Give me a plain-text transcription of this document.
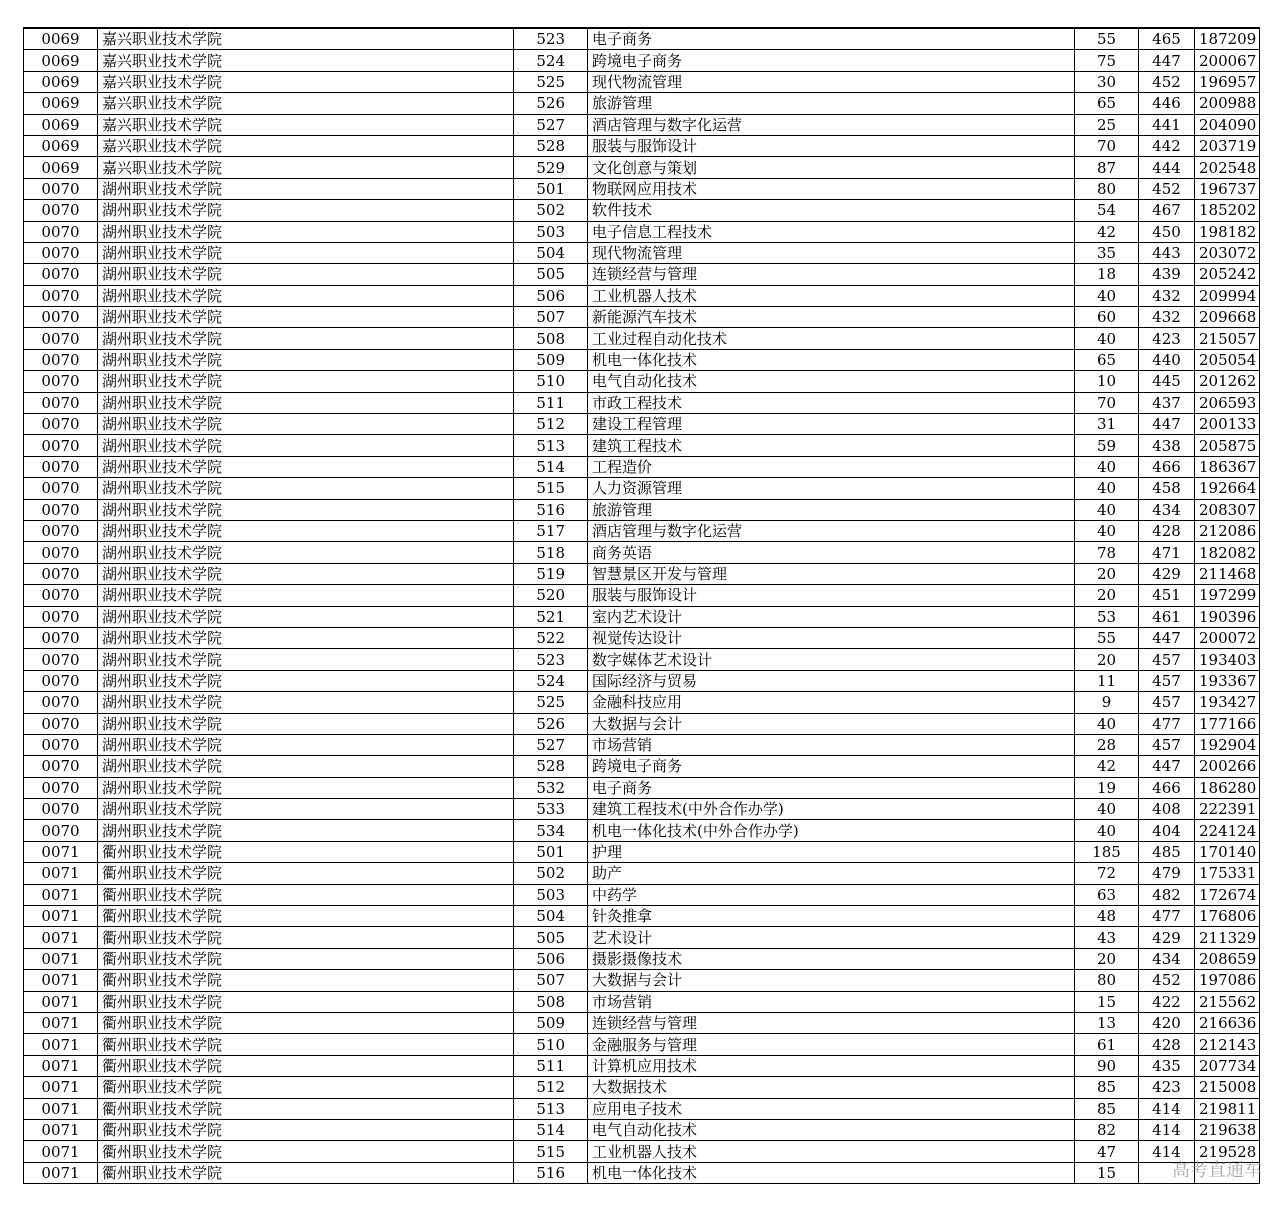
0069	嘉兴职业技术学院	523	电子商务	55	465	187209
0069	嘉兴职业技术学院	524	跨境电子商务	75	447	200067
0069	嘉兴职业技术学院	525	现代物流管理	30	452	196957
0069	嘉兴职业技术学院	526	旅游管理	65	446	200988
0069	嘉兴职业技术学院	527	酒店管理与数字化运营	25	441	204090
0069	嘉兴职业技术学院	528	服装与服饰设计	70	442	203719
0069	嘉兴职业技术学院	529	文化创意与策划	87	444	202548
0070	湖州职业技术学院	501	物联网应用技术	80	452	196737
0070	湖州职业技术学院	502	软件技术	54	467	185202
0070	湖州职业技术学院	503	电子信息工程技术	42	450	198182
0070	湖州职业技术学院	504	现代物流管理	35	443	203072
0070	湖州职业技术学院	505	连锁经营与管理	18	439	205242
0070	湖州职业技术学院	506	工业机器人技术	40	432	209994
0070	湖州职业技术学院	507	新能源汽车技术	60	432	209668
0070	湖州职业技术学院	508	工业过程自动化技术	40	423	215057
0070	湖州职业技术学院	509	机电一体化技术	65	440	205054
0070	湖州职业技术学院	510	电气自动化技术	10	445	201262
0070	湖州职业技术学院	511	市政工程技术	70	437	206593
0070	湖州职业技术学院	512	建设工程管理	31	447	200133
0070	湖州职业技术学院	513	建筑工程技术	59	438	205875
0070	湖州职业技术学院	514	工程造价	40	466	186367
0070	湖州职业技术学院	515	人力资源管理	40	458	192664
0070	湖州职业技术学院	516	旅游管理	40	434	208307
0070	湖州职业技术学院	517	酒店管理与数字化运营	40	428	212086
0070	湖州职业技术学院	518	商务英语	78	471	182082
0070	湖州职业技术学院	519	智慧景区开发与管理	20	429	211468
0070	湖州职业技术学院	520	服装与服饰设计	20	451	197299
0070	湖州职业技术学院	521	室内艺术设计	53	461	190396
0070	湖州职业技术学院	522	视觉传达设计	55	447	200072
0070	湖州职业技术学院	523	数字媒体艺术设计	20	457	193403
0070	湖州职业技术学院	524	国际经济与贸易	11	457	193367
0070	湖州职业技术学院	525	金融科技应用	9	457	193427
0070	湖州职业技术学院	526	大数据与会计	40	477	177166
0070	湖州职业技术学院	527	市场营销	28	457	192904
0070	湖州职业技术学院	528	跨境电子商务	42	447	200266
0070	湖州职业技术学院	532	电子商务	19	466	186280
0070	湖州职业技术学院	533	建筑工程技术(中外合作办学)	40	408	222391
0070	湖州职业技术学院	534	机电一体化技术(中外合作办学)	40	404	224124
0071	衢州职业技术学院	501	护理	185	485	170140
0071	衢州职业技术学院	502	助产	72	479	175331
0071	衢州职业技术学院	503	中药学	63	482	172674
0071	衢州职业技术学院	504	针灸推拿	48	477	176806
0071	衢州职业技术学院	505	艺术设计	43	429	211329
0071	衢州职业技术学院	506	摄影摄像技术	20	434	208659
0071	衢州职业技术学院	507	大数据与会计	80	452	197086
0071	衢州职业技术学院	508	市场营销	15	422	215562
0071	衢州职业技术学院	509	连锁经营与管理	13	420	216636
0071	衢州职业技术学院	510	金融服务与管理	61	428	212143
0071	衢州职业技术学院	511	计算机应用技术	90	435	207734
0071	衢州职业技术学院	512	大数据技术	85	423	215008
0071	衢州职业技术学院	513	应用电子技术	85	414	219811
0071	衢州职业技术学院	514	电气自动化技术	82	414	219638
0071	衢州职业技术学院	515	工业机器人技术	47	414	219528
0071	衢州职业技术学院	516	机电一体化技术	15			高考直通车
